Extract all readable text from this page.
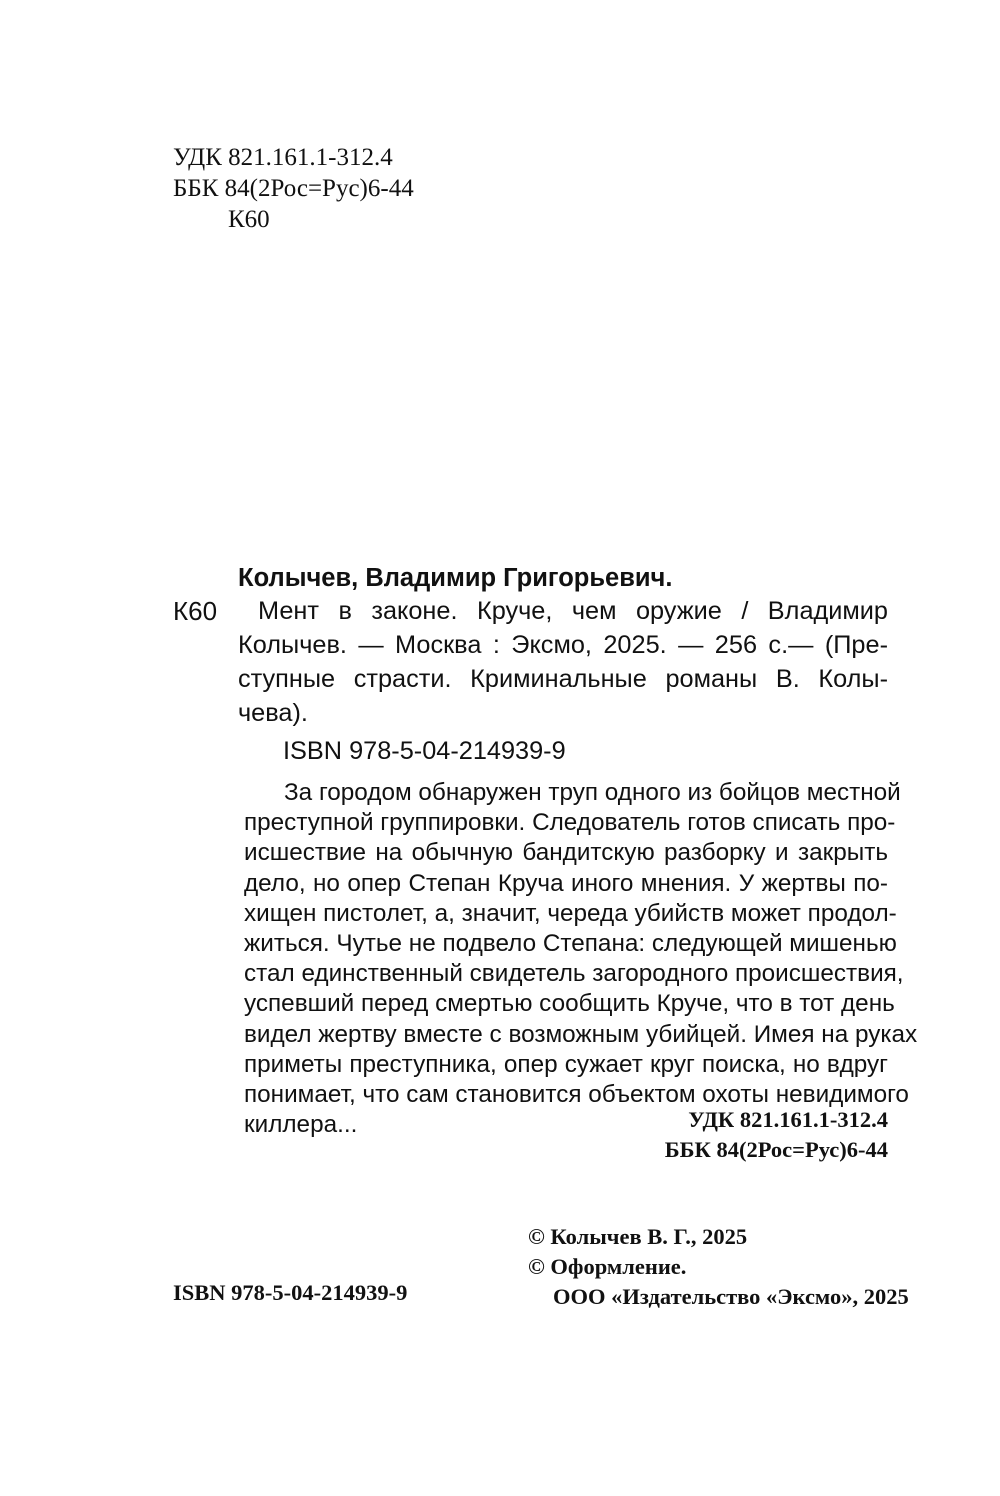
УДК 821.161.1-312.4
ББК 84(2Рос=Рус)6-44
К60
Колычев, Владимир Григорьевич.
К60	Мент в законе. Круче, чем оружие / Владимир
Колычев. — Москва : Эксмо, 2025. — 256 с.— (Пре-
ступные страсти. Криминальные романы В. Колы-
чева).
ISBN 978-5-04-214939-9
За городом обнаружен труп одного из бойцов местной
преступной группировки. Следователь готов списать про-
исшествие на обычную бандитскую разборку и закрыть
дело, но опер Степан Круча иного мнения. У жертвы по-
хищен пистолет, а, значит, череда убийств может продол-
житься. Чутье не подвело Степана: следующей мишенью
стал единственный свидетель загородного происшествия,
успевший перед смертью сообщить Круче, что в тот день
видел жертву вместе с возможным убийцей. Имея на руках
приметы преступника, опер сужает круг поиска, но вдруг
понимает, что сам становится объектом охоты невидимого
киллера...	УДК 821.161.1-312.4
ББК 84(2Рос=Рус)6-44
© Колычев В. Г., 2025
© Оформление.
ООО «Издательство «Эксмо», 2025
ISBN 978-5-04-214939-9
